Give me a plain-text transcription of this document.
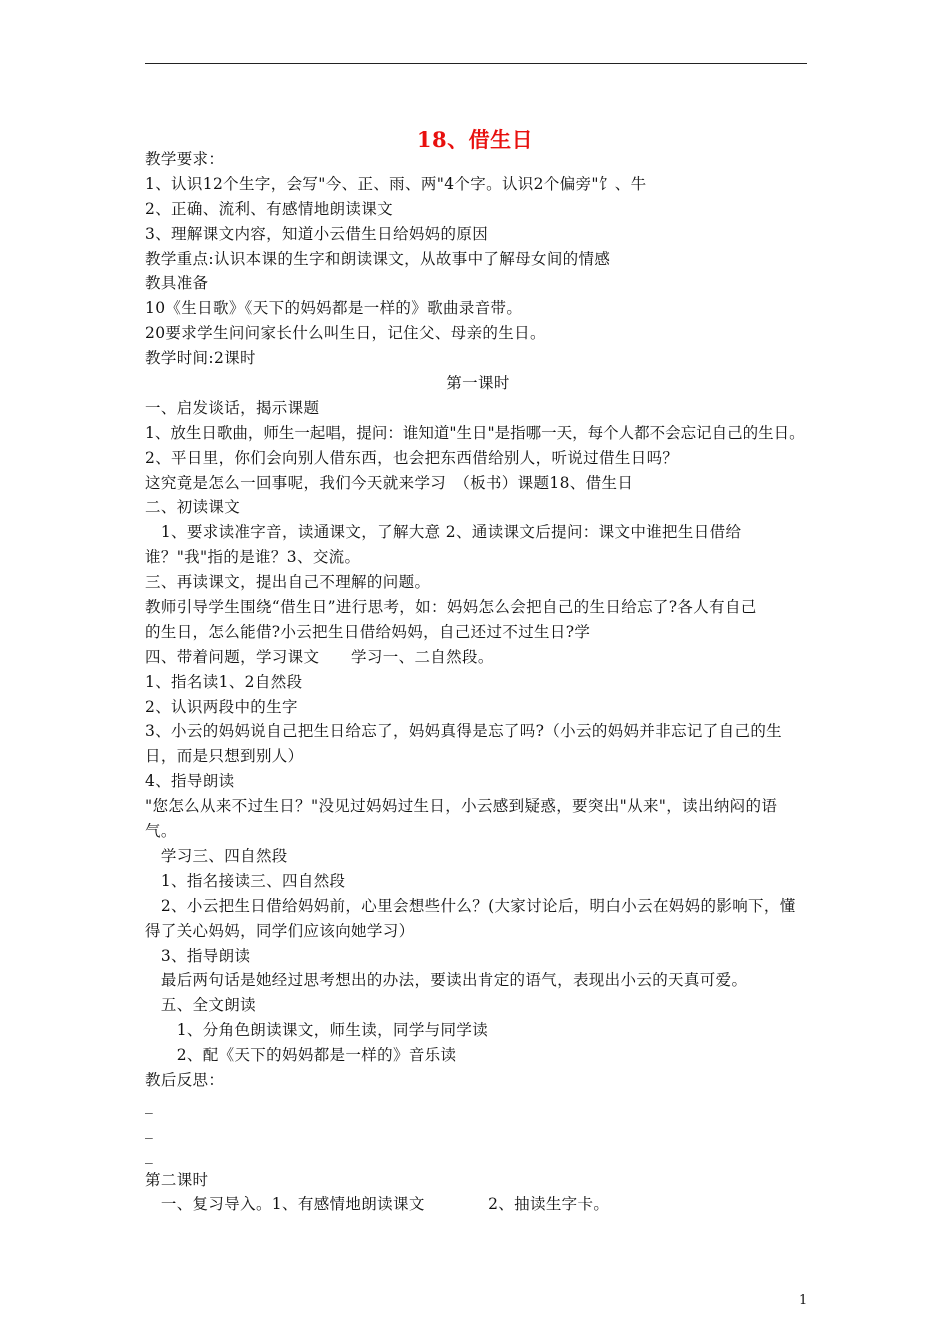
18、借生日
教学要求：
1、认识12个生字，会写"今、正、雨、两"4个字。认识2个偏旁"饣、牛
2、正确、流利、有感情地朗读课文
3、理解课文内容，知道小云借生日给妈妈的原因
教学重点:认识本课的生字和朗读课文，从故事中了解母女间的情感
教具准备
10《生日歌》《天下的妈妈都是一样的》歌曲录音带。
20要求学生问问家长什么叫生日，记住父、母亲的生日。
教学时间:2课时
第一课时
一、启发谈话，揭示课题
1、放生日歌曲，师生一起唱，提问：谁知道"生日"是指哪一天，每个人都不会忘记自己的生日。
2、平日里，你们会向别人借东西，也会把东西借给别人，听说过借生日吗？
这究竟是怎么一回事呢，我们今天就来学习　（板书）课题18、借生日
二、初读课文
　1、要求读准字音，读通课文，了解大意 2、通读课文后提问：课文中谁把生日借给
谁？"我"指的是谁？3、交流。
三、再读课文，提出自己不理解的问题。
教师引导学生围绕“借生日”进行思考，如：妈妈怎么会把自己的生日给忘了?各人有自己
的生日，怎么能借?小云把生日借给妈妈，自己还过不过生日?学
四、带着问题，学习课文　　学习一、二自然段。
1、指名读1、2自然段
2、认识两段中的生字
3、小云的妈妈说自己把生日给忘了，妈妈真得是忘了吗?（小云的妈妈并非忘记了自己的生
日，而是只想到别人）
4、指导朗读
"您怎么从来不过生日？"没见过妈妈过生日，小云感到疑惑，要突出"从来"，读出纳闷的语
气。
　学习三、四自然段
　1、指名接读三、四自然段
　2、小云把生日借给妈妈前，心里会想些什么？(大家讨论后，明白小云在妈妈的影响下，懂
得了关心妈妈，同学们应该向她学习）
　3、指导朗读
　最后两句话是她经过思考想出的办法，要读出肯定的语气，表现出小云的天真可爱。
　五、全文朗读
　　1、分角色朗读课文，师生读，同学与同学读
　　2、配《天下的妈妈都是一样的》音乐读
教后反思：
_
_
_
第二课时
　一、复习导入。1、有感情地朗读课文　　　　2、抽读生字卡。
1
